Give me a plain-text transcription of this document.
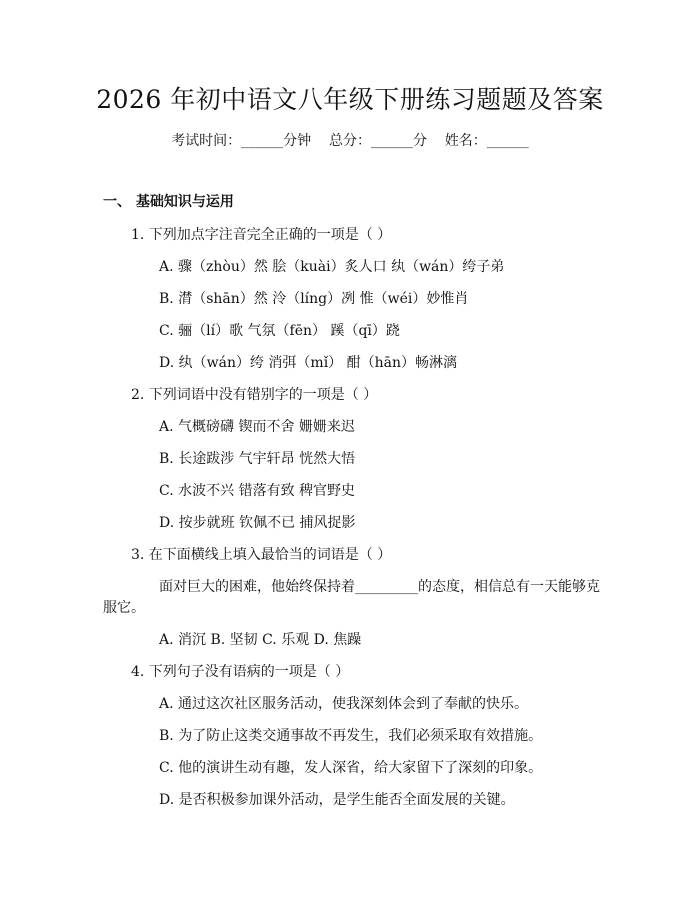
2026 年初中语文八年级下册练习题题及答案
考试时间：______分钟    总分：______分    姓名：______
一、 基础知识与运用
1. 下列加点字注音完全正确的一项是（ ）
A. 骤（zhòu）然 脍（kuài）炙人口 纨（wán）绔子弟
B. 潸（shān）然 泠（líng）冽 惟（wéi）妙惟肖
C. 骊（lí）歌 气氛（fēn） 蹊（qī）跷
D. 纨（wán）绔 消弭（mǐ） 酣（hān）畅淋漓
2. 下列词语中没有错别字的一项是（ ）
A. 气概磅礴 锲而不舍 姗姗来迟
B. 长途跋涉 气宇轩昂 恍然大悟
C. 水波不兴 错落有致 稗官野史
D. 按步就班 钦佩不已 捕风捉影
3. 在下面横线上填入最恰当的词语是（ ）
面对巨大的困难，他始终保持着_________的态度，相信总有一天能够克
服它。
A. 消沉 B. 坚韧 C. 乐观 D. 焦躁
4. 下列句子没有语病的一项是（ ）
A. 通过这次社区服务活动，使我深刻体会到了奉献的快乐。
B. 为了防止这类交通事故不再发生，我们必须采取有效措施。
C. 他的演讲生动有趣，发人深省，给大家留下了深刻的印象。
D. 是否积极参加课外活动，是学生能否全面发展的关键。
